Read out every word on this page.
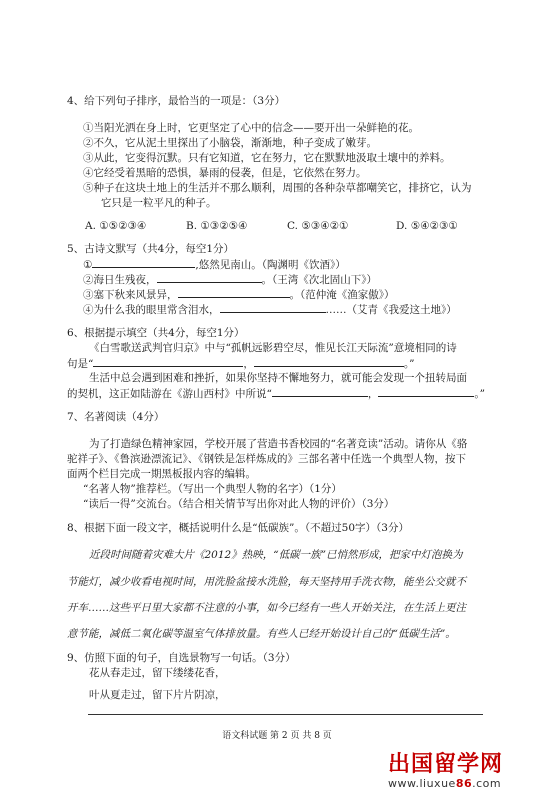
4、给下列句子排序，最恰当的一项是：（3分）
①当阳光洒在身上时，它更坚定了心中的信念——要开出一朵鲜艳的花。
②不久，它从泥土里探出了小脑袋，渐渐地，种子变成了嫩芽。
③从此，它变得沉默。只有它知道，它在努力，它在默默地汲取土壤中的养料。
④它经受着黑暗的恐惧，暴雨的侵袭，但是，它依然在努力。
⑤种子在这块土地上的生活并不那么顺利，周围的各种杂草都嘲笑它，排挤它，认为
它只是一粒平凡的种子。
A. ①⑤②③④	B. ①③②⑤④	C. ⑤③④②①	D. ⑤④②③①
5、古诗文默写（共4分，每空1分）
①	,悠然见南山。（陶渊明《饮酒》）
②海日生残夜，	。（王湾《次北固山下》）
③塞下秋来风景异，	。（范仲淹《渔家傲》）
④为什么我的眼里常含泪水，	……（艾青《我爱这土地》）
6、根据提示填空（共4分，每空1分）
《白雪歌送武判官归京》中与“孤帆远影碧空尽，惟见长江天际流”意境相同的诗
句是“	，	。”
生活中总会遇到困难和挫折，如果你坚持不懈地努力，就可能会发现一个扭转局面
的契机，这正如陆游在《游山西村》中所说“	，	。”
7、名著阅读（4分）
为了打造绿色精神家园，学校开展了营造书香校园的“名著竞读”活动。请你从《骆
驼祥子》、《鲁滨逊漂流记》、《钢铁是怎样炼成的》三部名著中任选一个典型人物，按下
面两个栏目完成一期黑板报内容的编辑。
“名著人物”推荐栏。（写出一个典型人物的名字）（1分）
“读后一得”交流台。（结合相关情节写出你对此人物的评价）（3分）
8、根据下面一段文字，概括说明什么是“低碳族”。（不超过50字）（3分）
近段时间随着灾难大片《2012》热映，“低碳一族”已悄然形成，把家中灯泡换为
节能灯，减少收看电视时间，用洗脸盆接水洗脸，每天坚持用手洗衣物，能坐公交就不
开车……这些平日里大家都不注意的小事，如今已经有一些人开始关注，在生活上更注
意节能，减低二氧化碳等温室气体排放量。有些人已经开始设计自己的“低碳生活”。
9、仿照下面的句子，自选景物写一句话。（3分）
花从春走过，留下缕缕花香，
叶从夏走过，留下片片阴凉，
语文科试题 第 2 页 共 8 页
出国留学网
www.liuxue86.com
